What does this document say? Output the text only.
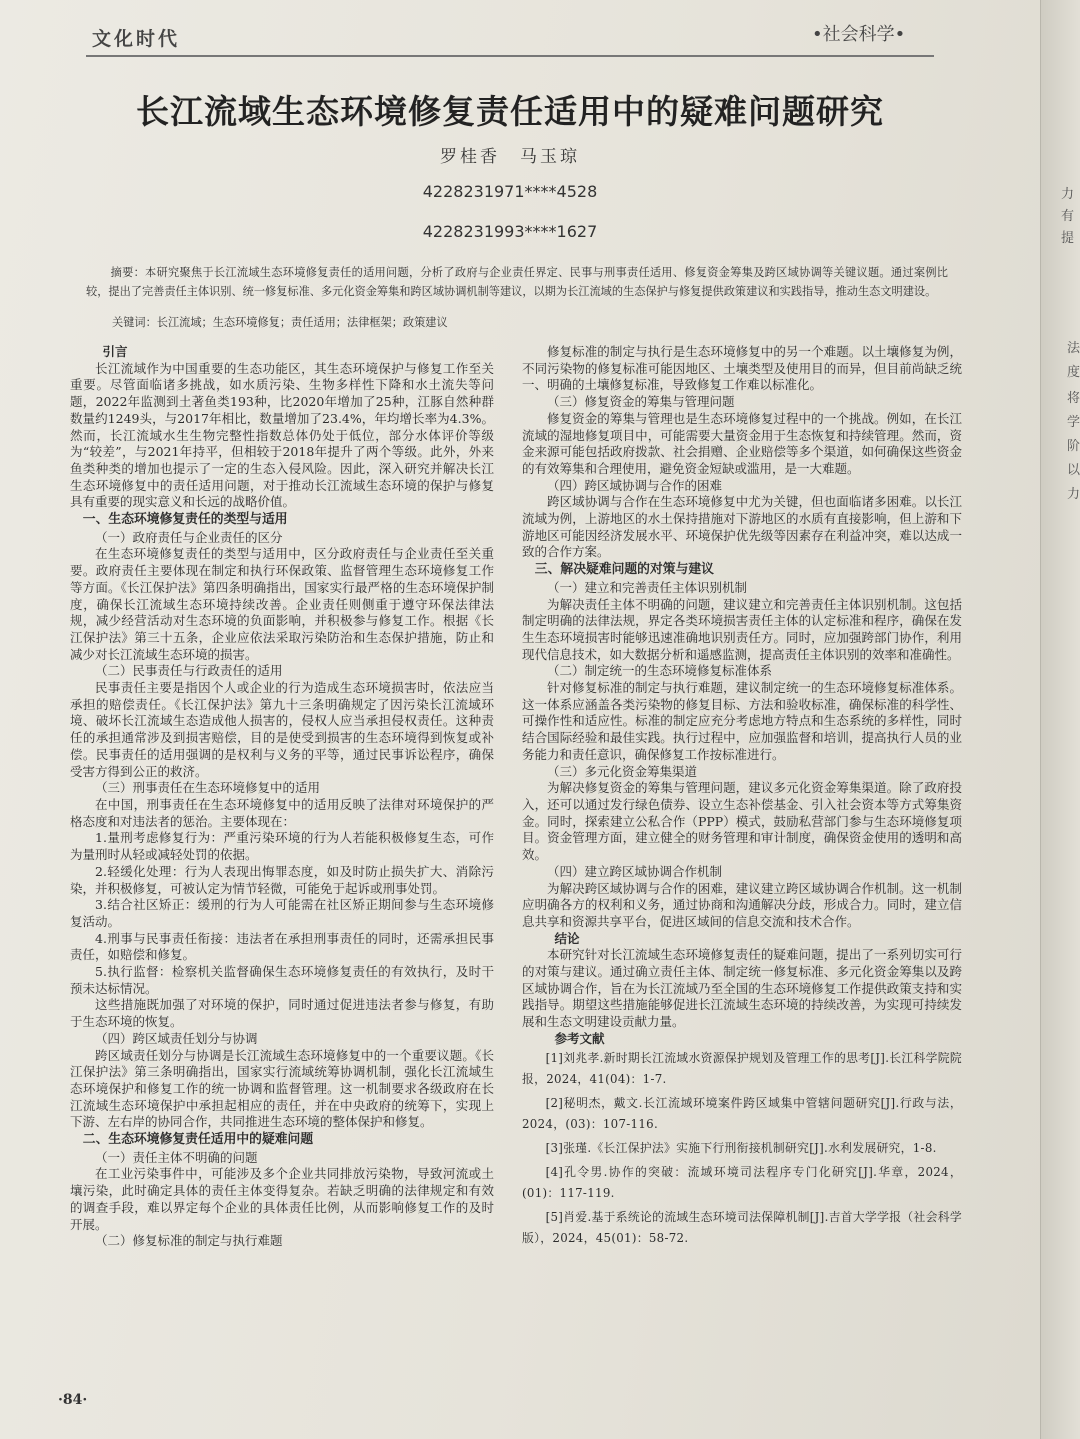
文化时代	•社会科学•
长江流域生态环境修复责任适用中的疑难问题研究
罗桂香　马玉琼
4228231971****4528
4228231993****1627
摘要：本研究聚焦于长江流域生态环境修复责任的适用问题，分析了政府与企业责任界定、民事与刑事责任适用、修复资金筹集及跨区域协调等关键议题。通过案例比较，提出了完善责任主体识别、统一修复标准、多元化资金筹集和跨区域协调机制等建议，以期为长江流域的生态保护与修复提供政策建议和实践指导，推动生态文明建设。
关键词：长江流域；生态环境修复；责任适用；法律框架；政策建议

引言

长江流域作为中国重要的生态功能区，其生态环境保护与修复工作至关重要。尽管面临诸多挑战，如水质污染、生物多样性下降和水土流失等问题，2022年监测到土著鱼类193种，比2020年增加了25种，江豚自然种群数量约1249头，与2017年相比，数量增加了23.4%，年均增长率为4.3%。然而，长江流域水生生物完整性指数总体仍处于低位，部分水体评价等级为“较差”，与2021年持平，但相较于2018年提升了两个等级。此外，外来鱼类种类的增加也提示了一定的生态入侵风险。因此，深入研究并解决长江生态环境修复中的责任适用问题，对于推动长江流域生态环境的保护与修复具有重要的现实意义和长远的战略价值。

一、生态环境修复责任的类型与适用

（一）政府责任与企业责任的区分

在生态环境修复责任的类型与适用中，区分政府责任与企业责任至关重要。政府责任主要体现在制定和执行环保政策、监督管理生态环境修复工作等方面。《长江保护法》第四条明确指出，国家实行最严格的生态环境保护制度，确保长江流域生态环境持续改善。企业责任则侧重于遵守环保法律法规，减少经营活动对生态环境的负面影响，并积极参与修复工作。根据《长江保护法》第三十五条，企业应依法采取污染防治和生态保护措施，防止和减少对长江流域生态环境的损害。

（二）民事责任与行政责任的适用

民事责任主要是指因个人或企业的行为造成生态环境损害时，依法应当承担的赔偿责任。《长江保护法》第九十三条明确规定了因污染长江流域环境、破坏长江流域生态造成他人损害的，侵权人应当承担侵权责任。这种责任的承担通常涉及到损害赔偿，目的是使受到损害的生态环境得到恢复或补偿。民事责任的适用强调的是权利与义务的平等，通过民事诉讼程序，确保受害方得到公正的救济。

（三）刑事责任在生态环境修复中的适用

在中国，刑事责任在生态环境修复中的适用反映了法律对环境保护的严格态度和对违法者的惩治。主要体现在：

1.量刑考虑修复行为：严重污染环境的行为人若能积极修复生态，可作为量刑时从轻或减轻处罚的依据。

2.轻缓化处理：行为人表现出悔罪态度，如及时防止损失扩大、消除污染，并积极修复，可被认定为情节轻微，可能免于起诉或刑事处罚。

3.结合社区矫正：缓刑的行为人可能需在社区矫正期间参与生态环境修复活动。

4.刑事与民事责任衔接：违法者在承担刑事责任的同时，还需承担民事责任，如赔偿和修复。

5.执行监督：检察机关监督确保生态环境修复责任的有效执行，及时干预未达标情况。

这些措施既加强了对环境的保护，同时通过促进违法者参与修复，有助于生态环境的恢复。

（四）跨区域责任划分与协调

跨区域责任划分与协调是长江流域生态环境修复中的一个重要议题。《长江保护法》第三条明确指出，国家实行流域统筹协调机制，强化长江流域生态环境保护和修复工作的统一协调和监督管理。这一机制要求各级政府在长江流域生态环境保护中承担起相应的责任，并在中央政府的统筹下，实现上下游、左右岸的协同合作，共同推进生态环境的整体保护和修复。

二、生态环境修复责任适用中的疑难问题

（一）责任主体不明确的问题

在工业污染事件中，可能涉及多个企业共同排放污染物，导致河流或土壤污染，此时确定具体的责任主体变得复杂。若缺乏明确的法律规定和有效的调查手段，难以界定每个企业的具体责任比例，从而影响修复工作的及时开展。

（二）修复标准的制定与执行难题

修复标准的制定与执行是生态环境修复中的另一个难题。以土壤修复为例，不同污染物的修复标准可能因地区、土壤类型及使用目的而异，但目前尚缺乏统一、明确的土壤修复标准，导致修复工作难以标准化。

（三）修复资金的筹集与管理问题

修复资金的筹集与管理也是生态环境修复过程中的一个挑战。例如，在长江流域的湿地修复项目中，可能需要大量资金用于生态恢复和持续管理。然而，资金来源可能包括政府拨款、社会捐赠、企业赔偿等多个渠道，如何确保这些资金的有效筹集和合理使用，避免资金短缺或滥用，是一大难题。

（四）跨区域协调与合作的困难

跨区域协调与合作在生态环境修复中尤为关键，但也面临诸多困难。以长江流域为例，上游地区的水土保持措施对下游地区的水质有直接影响，但上游和下游地区可能因经济发展水平、环境保护优先级等因素存在利益冲突，难以达成一致的合作方案。

三、解决疑难问题的对策与建议

（一）建立和完善责任主体识别机制

为解决责任主体不明确的问题，建议建立和完善责任主体识别机制。这包括制定明确的法律法规，界定各类环境损害责任主体的认定标准和程序，确保在发生生态环境损害时能够迅速准确地识别责任方。同时，应加强跨部门协作，利用现代信息技术，如大数据分析和遥感监测，提高责任主体识别的效率和准确性。

（二）制定统一的生态环境修复标准体系

针对修复标准的制定与执行难题，建议制定统一的生态环境修复标准体系。这一体系应涵盖各类污染物的修复目标、方法和验收标准，确保标准的科学性、可操作性和适应性。标准的制定应充分考虑地方特点和生态系统的多样性，同时结合国际经验和最佳实践。执行过程中，应加强监督和培训，提高执行人员的业务能力和责任意识，确保修复工作按标准进行。

（三）多元化资金筹集渠道

为解决修复资金的筹集与管理问题，建议多元化资金筹集渠道。除了政府投入，还可以通过发行绿色债券、设立生态补偿基金、引入社会资本等方式筹集资金。同时，探索建立公私合作（PPP）模式，鼓励私营部门参与生态环境修复项目。资金管理方面，建立健全的财务管理和审计制度，确保资金使用的透明和高效。

（四）建立跨区域协调合作机制

为解决跨区域协调与合作的困难，建议建立跨区域协调合作机制。这一机制应明确各方的权利和义务，通过协商和沟通解决分歧，形成合力。同时，建立信息共享和资源共享平台，促进区域间的信息交流和技术合作。

结论

本研究针对长江流域生态环境修复责任的疑难问题，提出了一系列切实可行的对策与建议。通过确立责任主体、制定统一修复标准、多元化资金筹集以及跨区域协调合作，旨在为长江流域乃至全国的生态环境修复工作提供政策支持和实践指导。期望这些措施能够促进长江流域生态环境的持续改善，为实现可持续发展和生态文明建设贡献力量。

参考文献

[1]刘兆孝.新时期长江流域水资源保护规划及管理工作的思考[J].长江科学院院报，2024，41(04)：1-7.

[2]秘明杰，戴文.长江流域环境案件跨区域集中管辖问题研究[J].行政与法，2024，(03)：107-116.

[3]张瑾.《长江保护法》实施下行刑衔接机制研究[J].水利发展研究，1-8.

[4]孔令男.协作的突破：流域环境司法程序专门化研究[J].华章，2024，(01)：117-119.

[5]肖爱.基于系统论的流域生态环境司法保障机制[J].吉首大学学报（社会科学版），2024，45(01)：58-72.

·84·
力
有
提
法
度
将
学
阶
以
力
